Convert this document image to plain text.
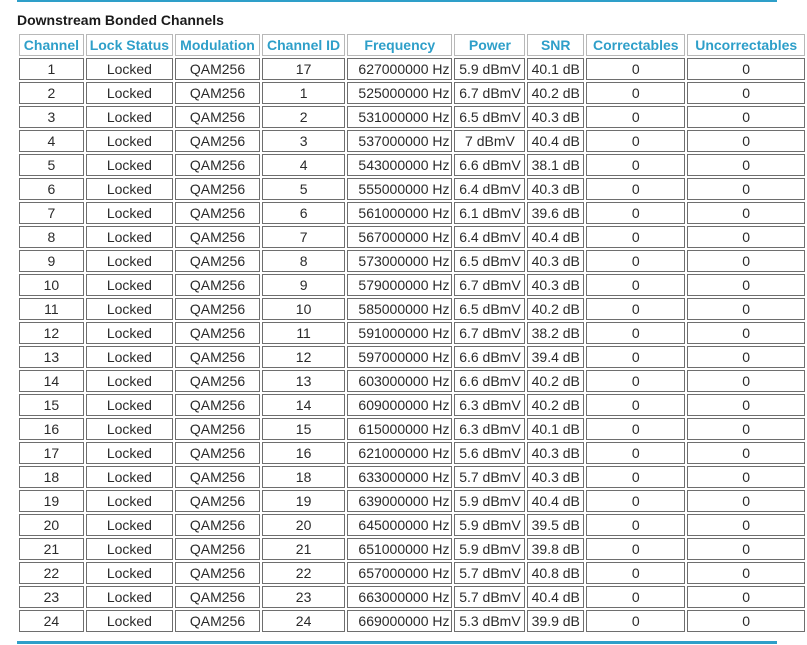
Downstream Bonded Channels
Channel	Lock Status	Modulation	Channel ID	Frequency	Power	SNR	Correctables	Uncorrectables
1	Locked	QAM256	17	627000000 Hz	5.9 dBmV	40.1 dB	0	0
2	Locked	QAM256	1	525000000 Hz	6.7 dBmV	40.2 dB	0	0
3	Locked	QAM256	2	531000000 Hz	6.5 dBmV	40.3 dB	0	0
4	Locked	QAM256	3	537000000 Hz	7 dBmV	40.4 dB	0	0
5	Locked	QAM256	4	543000000 Hz	6.6 dBmV	38.1 dB	0	0
6	Locked	QAM256	5	555000000 Hz	6.4 dBmV	40.3 dB	0	0
7	Locked	QAM256	6	561000000 Hz	6.1 dBmV	39.6 dB	0	0
8	Locked	QAM256	7	567000000 Hz	6.4 dBmV	40.4 dB	0	0
9	Locked	QAM256	8	573000000 Hz	6.5 dBmV	40.3 dB	0	0
10	Locked	QAM256	9	579000000 Hz	6.7 dBmV	40.3 dB	0	0
11	Locked	QAM256	10	585000000 Hz	6.5 dBmV	40.2 dB	0	0
12	Locked	QAM256	11	591000000 Hz	6.7 dBmV	38.2 dB	0	0
13	Locked	QAM256	12	597000000 Hz	6.6 dBmV	39.4 dB	0	0
14	Locked	QAM256	13	603000000 Hz	6.6 dBmV	40.2 dB	0	0
15	Locked	QAM256	14	609000000 Hz	6.3 dBmV	40.2 dB	0	0
16	Locked	QAM256	15	615000000 Hz	6.3 dBmV	40.1 dB	0	0
17	Locked	QAM256	16	621000000 Hz	5.6 dBmV	40.3 dB	0	0
18	Locked	QAM256	18	633000000 Hz	5.7 dBmV	40.3 dB	0	0
19	Locked	QAM256	19	639000000 Hz	5.9 dBmV	40.4 dB	0	0
20	Locked	QAM256	20	645000000 Hz	5.9 dBmV	39.5 dB	0	0
21	Locked	QAM256	21	651000000 Hz	5.9 dBmV	39.8 dB	0	0
22	Locked	QAM256	22	657000000 Hz	5.7 dBmV	40.8 dB	0	0
23	Locked	QAM256	23	663000000 Hz	5.7 dBmV	40.4 dB	0	0
24	Locked	QAM256	24	669000000 Hz	5.3 dBmV	39.9 dB	0	0
